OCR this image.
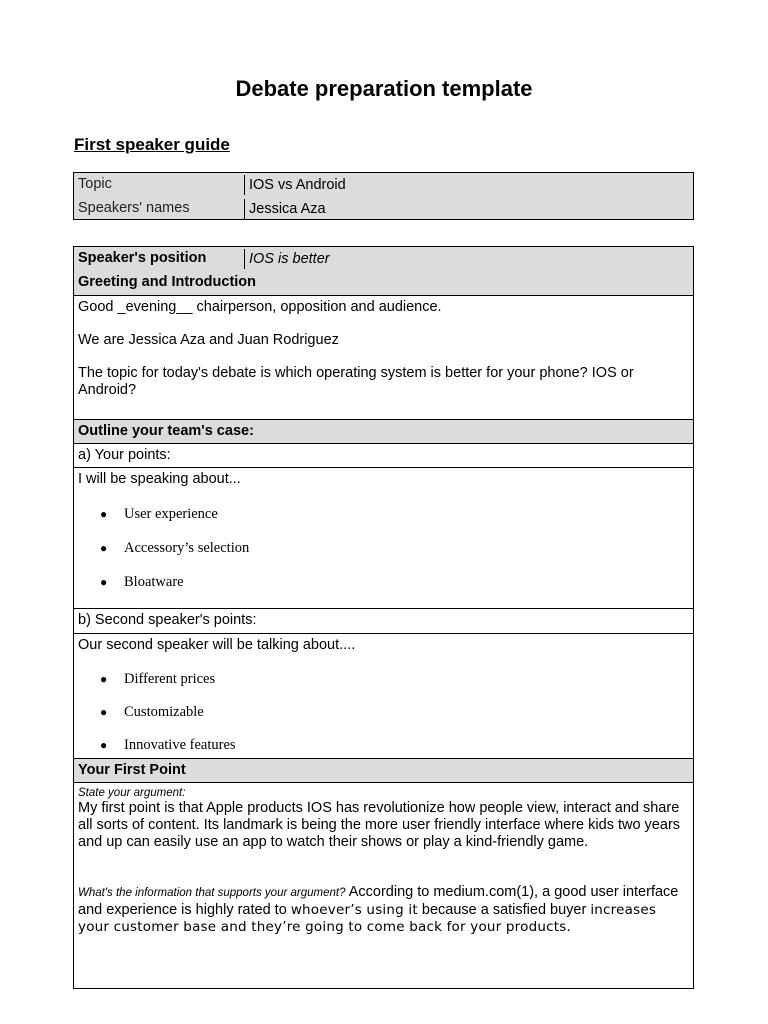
Debate preparation template
First speaker guide
Topic	IOS vs Android
Speakers' names	Jessica Aza
Speaker's position	IOS is better
Greeting and Introduction

Good _evening__ chairperson, opposition and audience.

We are Jessica Aza and Juan Rodriguez

The topic for today's debate is which operating system is better for your phone? IOS or Android?

Outline your team's case:
a) Your points:

I will be speaking about...

● User experience
● Accessory’s selection
● Bloatware
b) Second speaker's points:

Our second speaker will be talking about....

● Different prices
● Customizable
● Innovative features
Your First Point

State your argument:

My first point is that Apple products IOS has revolutionize how people view, interact and share all sorts of content. Its landmark is being the more user friendly interface where kids two years and up can easily use an app to watch their shows or play a kind-friendly game.

What's the information that supports your argument? According to medium.com(1), a good user interface and experience is highly rated to whoever’s using it because a satisfied buyer increases your customer base and they’re going to come back for your products.
